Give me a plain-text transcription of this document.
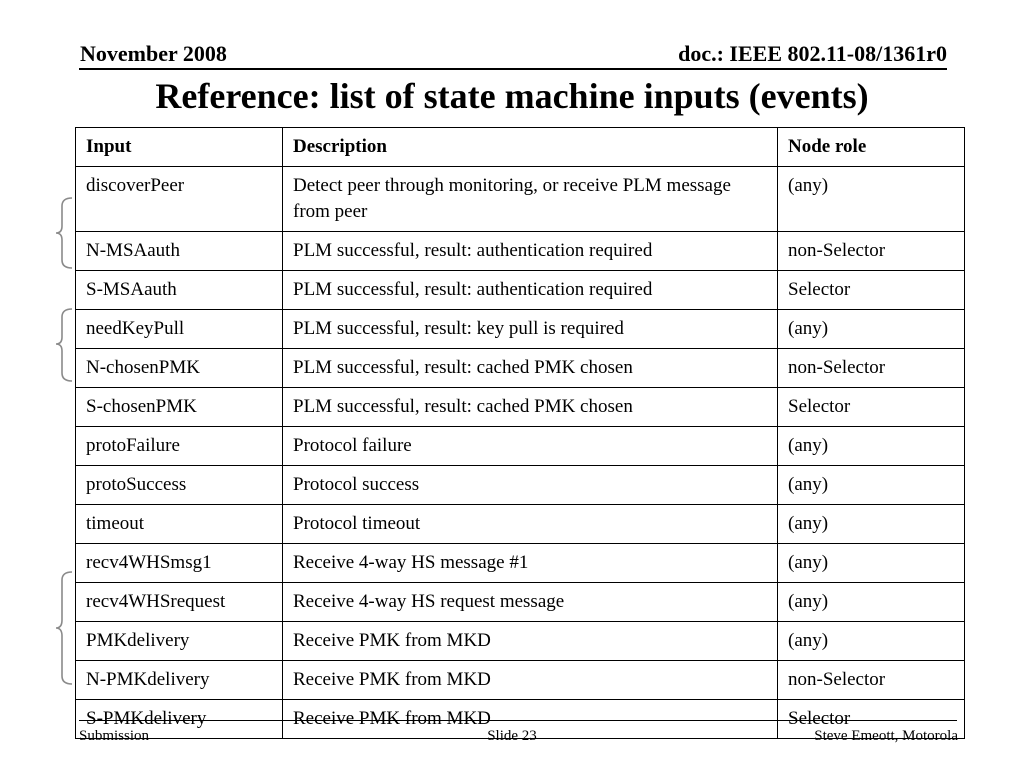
November 2008	doc.: IEEE 802.11-08/1361r0
Reference: list of state machine inputs (events)
Input	Description	Node role
discoverPeer	Detect peer through monitoring, or receive PLM message from peer	(any)
N-MSAauth	PLM successful, result: authentication required	non-Selector
S-MSAauth	PLM successful, result: authentication required	Selector
needKeyPull	PLM successful, result: key pull is required	(any)
N-chosenPMK	PLM successful, result: cached PMK chosen	non-Selector
S-chosenPMK	PLM successful, result: cached PMK chosen	Selector
protoFailure	Protocol failure	(any)
protoSuccess	Protocol success	(any)
timeout	Protocol timeout	(any)
recv4WHSmsg1	Receive 4-way HS message #1	(any)
recv4WHSrequest	Receive 4-way HS request message	(any)
PMKdelivery	Receive PMK from MKD	(any)
N-PMKdelivery	Receive PMK from MKD	non-Selector
S-PMKdelivery	Receive PMK from MKD	Selector
Submission	Slide 23	Steve Emeott, Motorola
